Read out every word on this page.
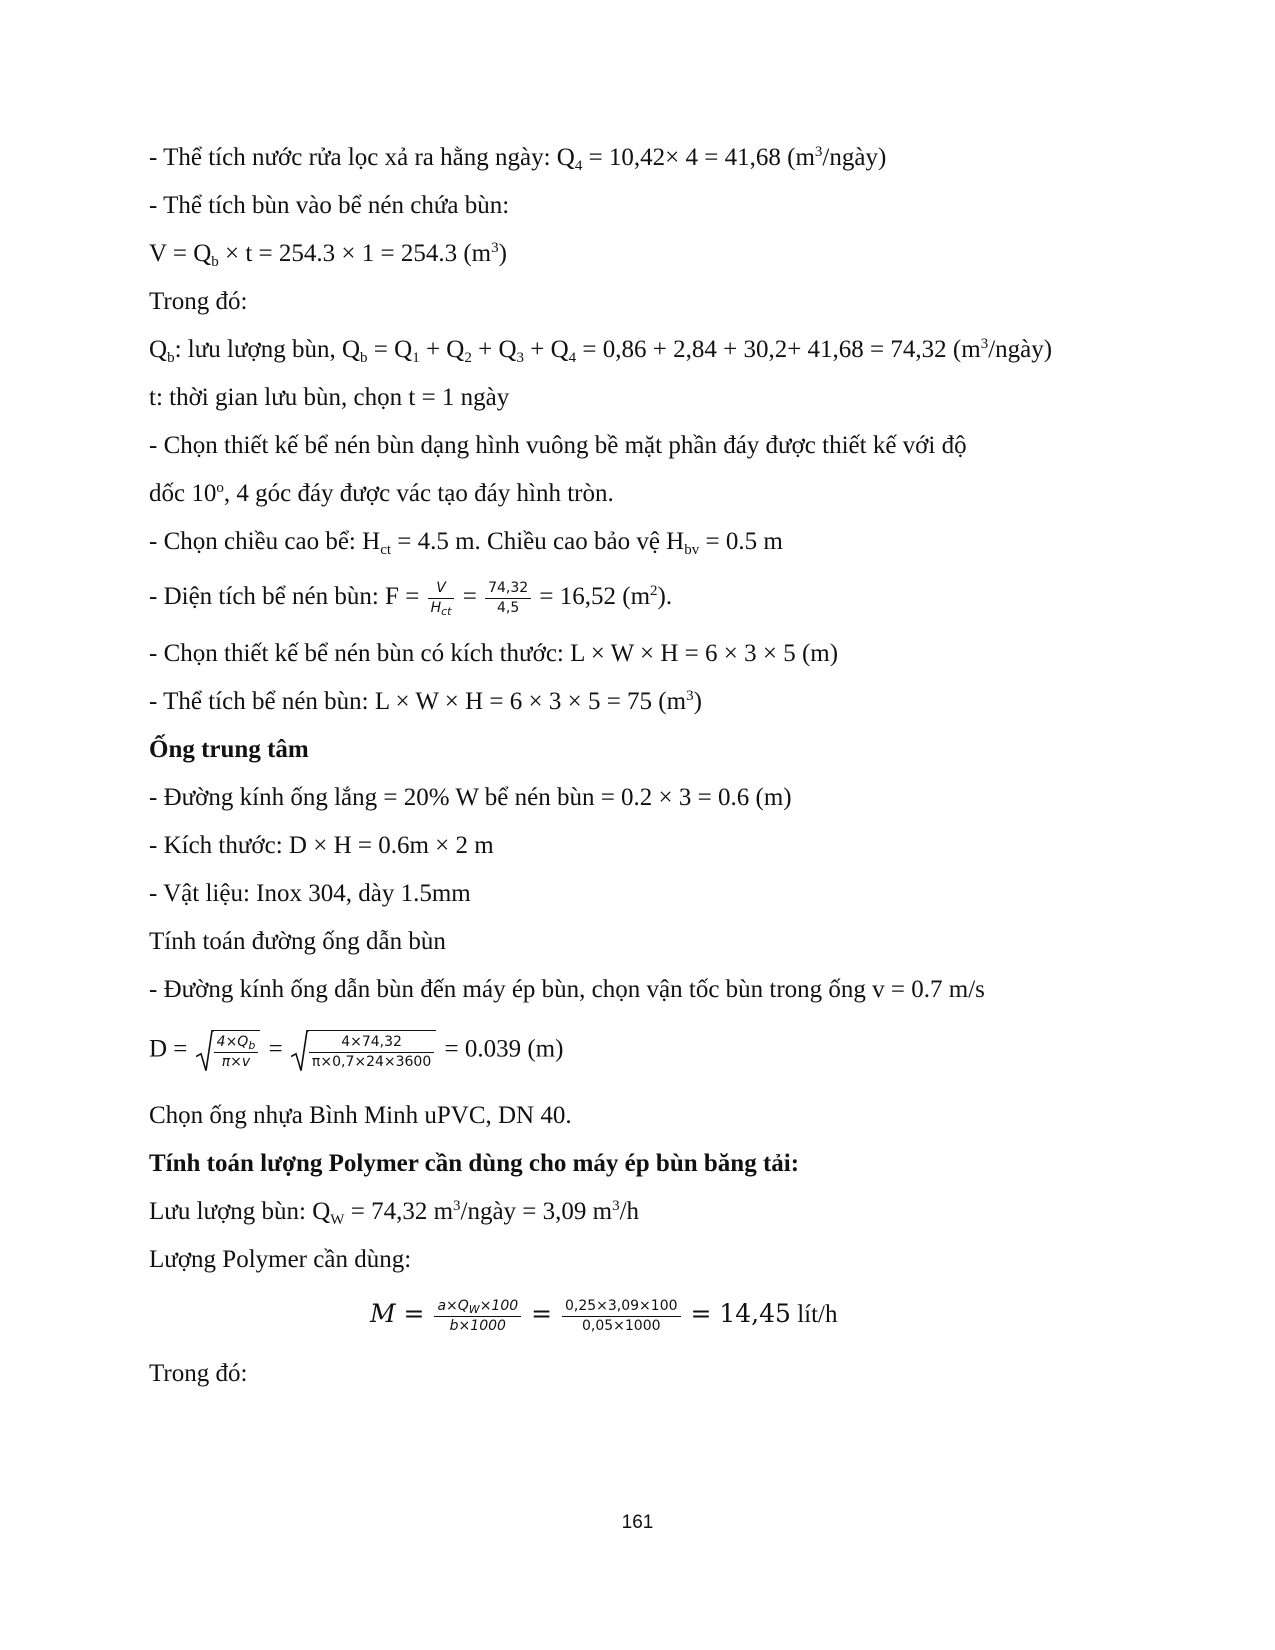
- Thể tích nước rửa lọc xả ra hằng ngày: $Q_4 = 10,42\times 4 = 41,68$ $(m^3/ngày)$
- Thể tích bùn vào bể nén chứa bùn:
$V = Q_b \times t = 254.3 \times 1 = 254.3$ $(m^3)$
Trong đó:
$Q_b$: lưu lượng bùn, $Q_b = Q_1 + Q_2 + Q_3 + Q_4 = 0,86 + 2,84 + 30,2+ 41,68 = 74,32$ $(m^3/ngày)$
t: thời gian lưu bùn, chọn t = 1 ngày
- Chọn thiết kế bể nén bùn dạng hình vuông bề mặt phần đáy được thiết kế với độ
dốc 10$^o$, 4 góc đáy được vác tạo đáy hình tròn.
- Chọn chiều cao bể: $H_{ct} = 4.5$ m. Chiều cao bảo vệ $H_{bv} = 0.5$ m
- Diện tích bể nén bùn: $F = \frac{V}{H_{ct}} = \frac{74,32}{4,5} = 16,52$ $(m^2)$.
- Chọn thiết kế bể nén bùn có kích thước: L × W × H = 6 × 3 × 5 (m)
- Thể tích bể nén bùn: L × W × H = 6 × 3 × 5 = 75 $(m^3)$
Ống trung tâm
- Đường kính ống lắng = 20% W bể nén bùn = 0.2 × 3 = 0.6 (m)
- Kích thước: D × H = 0.6m × 2 m
- Vật liệu: Inox 304, dày 1.5mm
Tính toán đường ống dẫn bùn
- Đường kính ống dẫn bùn đến máy ép bùn, chọn vận tốc bùn trong ống v = 0.7 m/s
$D = \frac{4\times Q_b}{\pi\times v} = \frac{4\times 74,32}{\pi\times 0,7\times 24\times 3600} = 0.039$ (m)
Chọn ống nhựa Bình Minh uPVC, DN 40.
Tính toán lượng Polymer cần dùng cho máy ép bùn băng tải:
Lưu lượng bùn: $Q_W = 74,32$ $m^3$/ngày = 3,09 $m^3/h$
Lượng Polymer cần dùng:
$M = \frac{a\times Q_W\times 100}{b\times 1000} = \frac{0,25\times 3,09\times 100}{0,05\times 1000} = 14,45$ lít/h
Trong đó:
161
